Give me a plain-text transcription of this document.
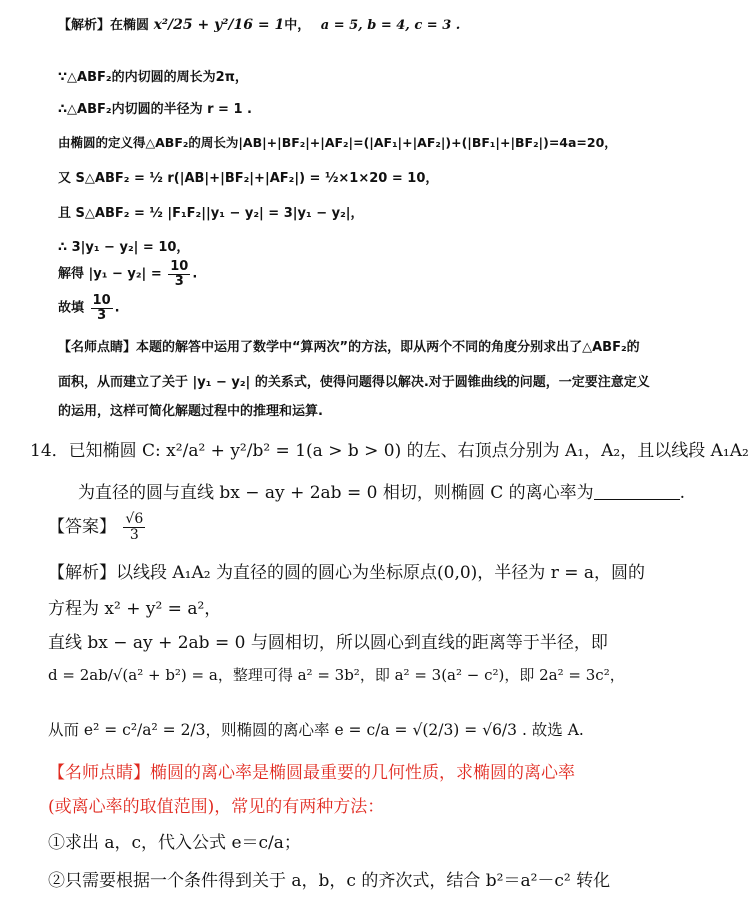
【解析】在椭圆 x²/25 + y²/16 = 1中， a = 5, b = 4, c = 3 .
∵△ABF₂的内切圆的周长为2π，
∴△ABF₂内切圆的半径为 r = 1 .
由椭圆的定义得△ABF₂的周长为|AB|+|BF₂|+|AF₂|=(|AF₁|+|AF₂|)+(|BF₁|+|BF₂|)=4a=20，
又 S△ABF₂ = ½ r(|AB|+|BF₂|+|AF₂|) = ½×1×20 = 10，
且 S△ABF₂ = ½ |F₁F₂||y₁ − y₂| = 3|y₁ − y₂|，
∴ 3|y₁ − y₂| = 10，
解得 $|y_1 - y_2| = \frac{10}{3}$ .
故填 $\frac{10}{3}$ .
【名师点睛】本题的解答中运用了数学中“算两次”的方法，即从两个不同的角度分别求出了△ABF₂的
面积，从而建立了关于 |y₁ − y₂| 的关系式，使得问题得以解决.对于圆锥曲线的问题，一定要注意定义
的运用，这样可简化解题过程中的推理和运算.
14．已知椭圆 C: x²/a² + y²/b² = 1(a > b > 0) 的左、右顶点分别为 A₁，A₂，且以线段 A₁A₂
为直径的圆与直线 bx − ay + 2ab = 0 相切，则椭圆 C 的离心率为	.
【答案】 $\frac{√6}{3}$
【解析】以线段 A₁A₂ 为直径的圆的圆心为坐标原点(0,0)，半径为 r = a，圆的
方程为 x² + y² = a²，
直线 bx − ay + 2ab = 0 与圆相切，所以圆心到直线的距离等于半径，即
d = 2ab/√(a² + b²) = a，整理可得 a² = 3b²，即 a² = 3(a² − c²)，即 2a² = 3c²，
从而 e² = c²/a² = 2/3，则椭圆的离心率 e = c/a = √(2/3) = √6/3 . 故选 A.
【名师点睛】椭圆的离心率是椭圆最重要的几何性质，求椭圆的离心率
(或离心率的取值范围)，常见的有两种方法：
①求出 a，c，代入公式 e＝c/a；
②只需要根据一个条件得到关于 a，b，c 的齐次式，结合 b²＝a²－c² 转化
